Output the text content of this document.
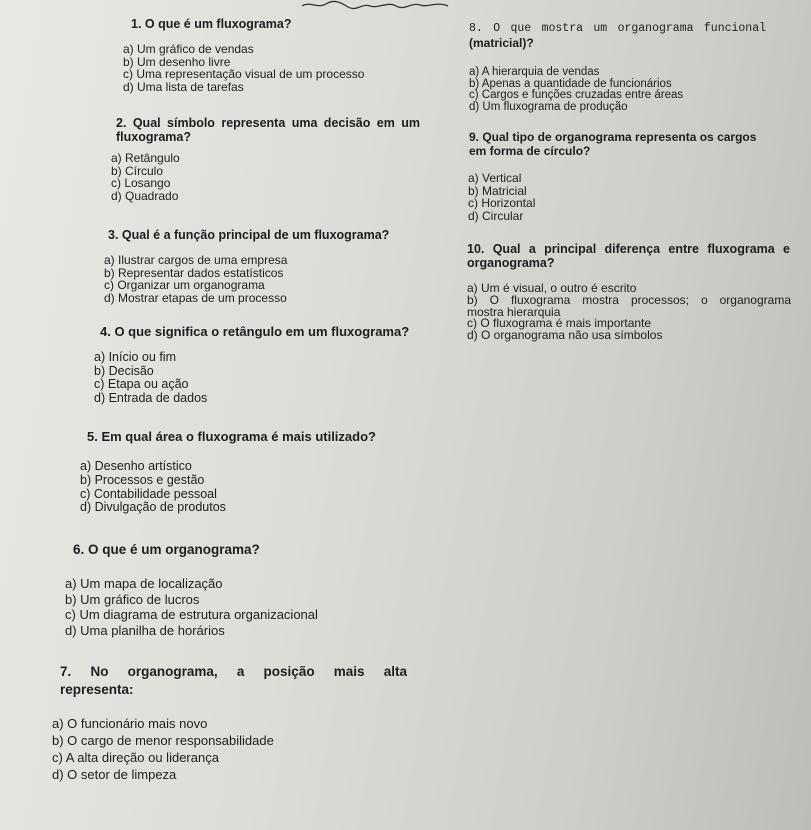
1. O que é um fluxograma?
a) Um gráfico de vendas
b) Um desenho livre
c) Uma representação visual de um processo
d) Uma lista de tarefas
2. Qual símbolo representa uma decisão em um
fluxograma?
a) Retângulo
b) Círculo
c) Losango
d) Quadrado
3. Qual é a função principal de um fluxograma?
a) Ilustrar cargos de uma empresa
b) Representar dados estatísticos
c) Organizar um organograma
d) Mostrar etapas de um processo
4. O que significa o retângulo em um fluxograma?
a) Início ou fim
b) Decisão
c) Etapa ou ação
d) Entrada de dados
5. Em qual área o fluxograma é mais utilizado?
a) Desenho artístico
b) Processos e gestão
c) Contabilidade pessoal
d) Divulgação de produtos
6. O que é um organograma?
a) Um mapa de localização
b) Um gráfico de lucros
c) Um diagrama de estrutura organizacional
d) Uma planilha de horários
7. No organograma, a posição mais alta
representa:
a) O funcionário mais novo
b) O cargo de menor responsabilidade
c) A alta direção ou liderança
d) O setor de limpeza
8. O que mostra um organograma funcional
(matricial)?
a) A hierarquia de vendas
b) Apenas a quantidade de funcionários
c) Cargos e funções cruzadas entre áreas
d) Um fluxograma de produção
9. Qual tipo de organograma representa os cargos
em forma de círculo?
a) Vertical
b) Matricial
c) Horizontal
d) Circular
10. Qual a principal diferença entre fluxograma e
organograma?
a) Um é visual, o outro é escrito
b) O fluxograma mostra processos; o organograma
mostra hierarquia
c) O fluxograma é mais importante
d) O organograma não usa símbolos
